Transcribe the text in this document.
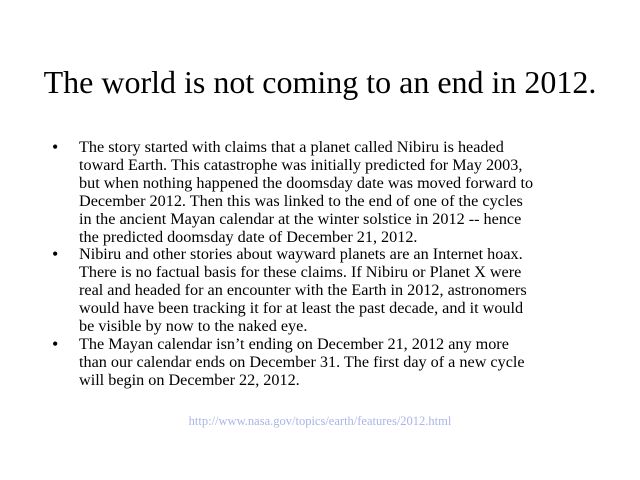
The world is not coming to an end in 2012.
• The story started with claims that a planet called Nibiru is headed
toward Earth. This catastrophe was initially predicted for May 2003,
but when nothing happened the doomsday date was moved forward to
December 2012. Then this was linked to the end of one of the cycles
in the ancient Mayan calendar at the winter solstice in 2012 -- hence
the predicted doomsday date of December 21, 2012.
• Nibiru and other stories about wayward planets are an Internet hoax.
There is no factual basis for these claims. If Nibiru or Planet X were
real and headed for an encounter with the Earth in 2012, astronomers
would have been tracking it for at least the past decade, and it would
be visible by now to the naked eye.
• The Mayan calendar isn’t ending on December 21, 2012 any more
than our calendar ends on December 31. The first day of a new cycle
will begin on December 22, 2012.
http://www.nasa.gov/topics/earth/features/2012.html
